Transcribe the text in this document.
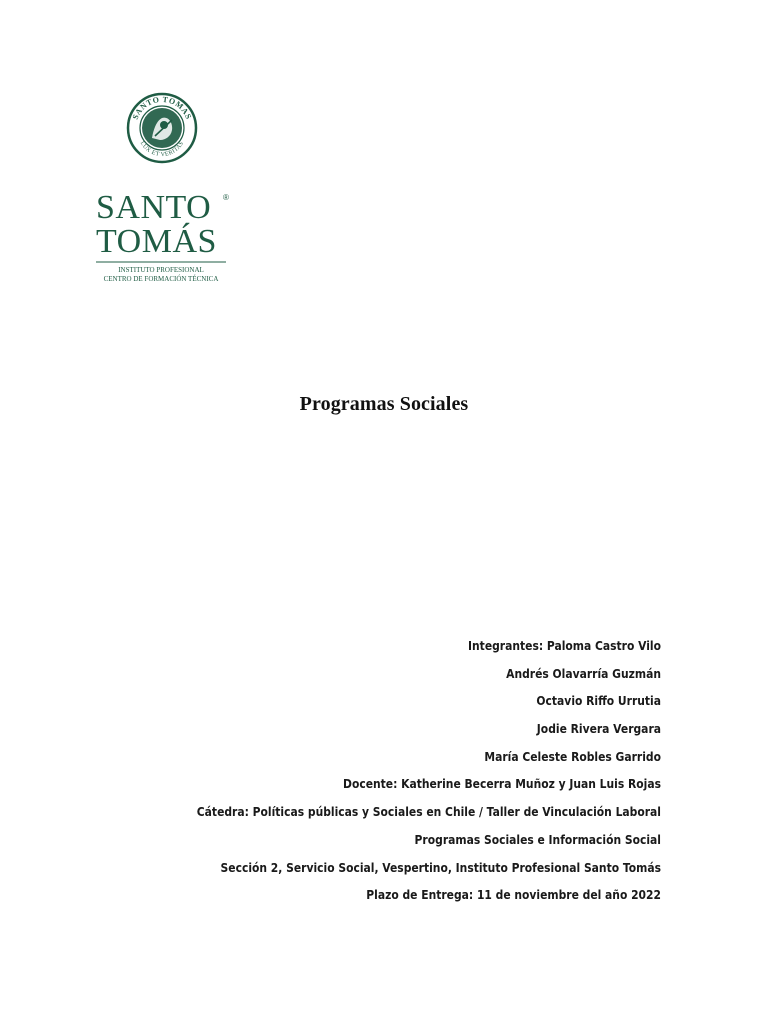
SANTO TOMAS
LUX ET VERITAS
SANTO ®
TOMÁS
INSTITUTO PROFESIONAL
CENTRO DE FORMACIÓN TÉCNICA
Programas Sociales
Integrantes: Paloma Castro Vilo
Andrés Olavarría Guzmán
Octavio Riffo Urrutia
Jodie Rivera Vergara
María Celeste Robles Garrido
Docente: Katherine Becerra Muñoz y Juan Luis Rojas
Cátedra: Políticas públicas y Sociales en Chile / Taller de Vinculación Laboral
Programas Sociales e Información Social
Sección 2, Servicio Social, Vespertino, Instituto Profesional Santo Tomás
Plazo de Entrega: 11 de noviembre del año 2022
